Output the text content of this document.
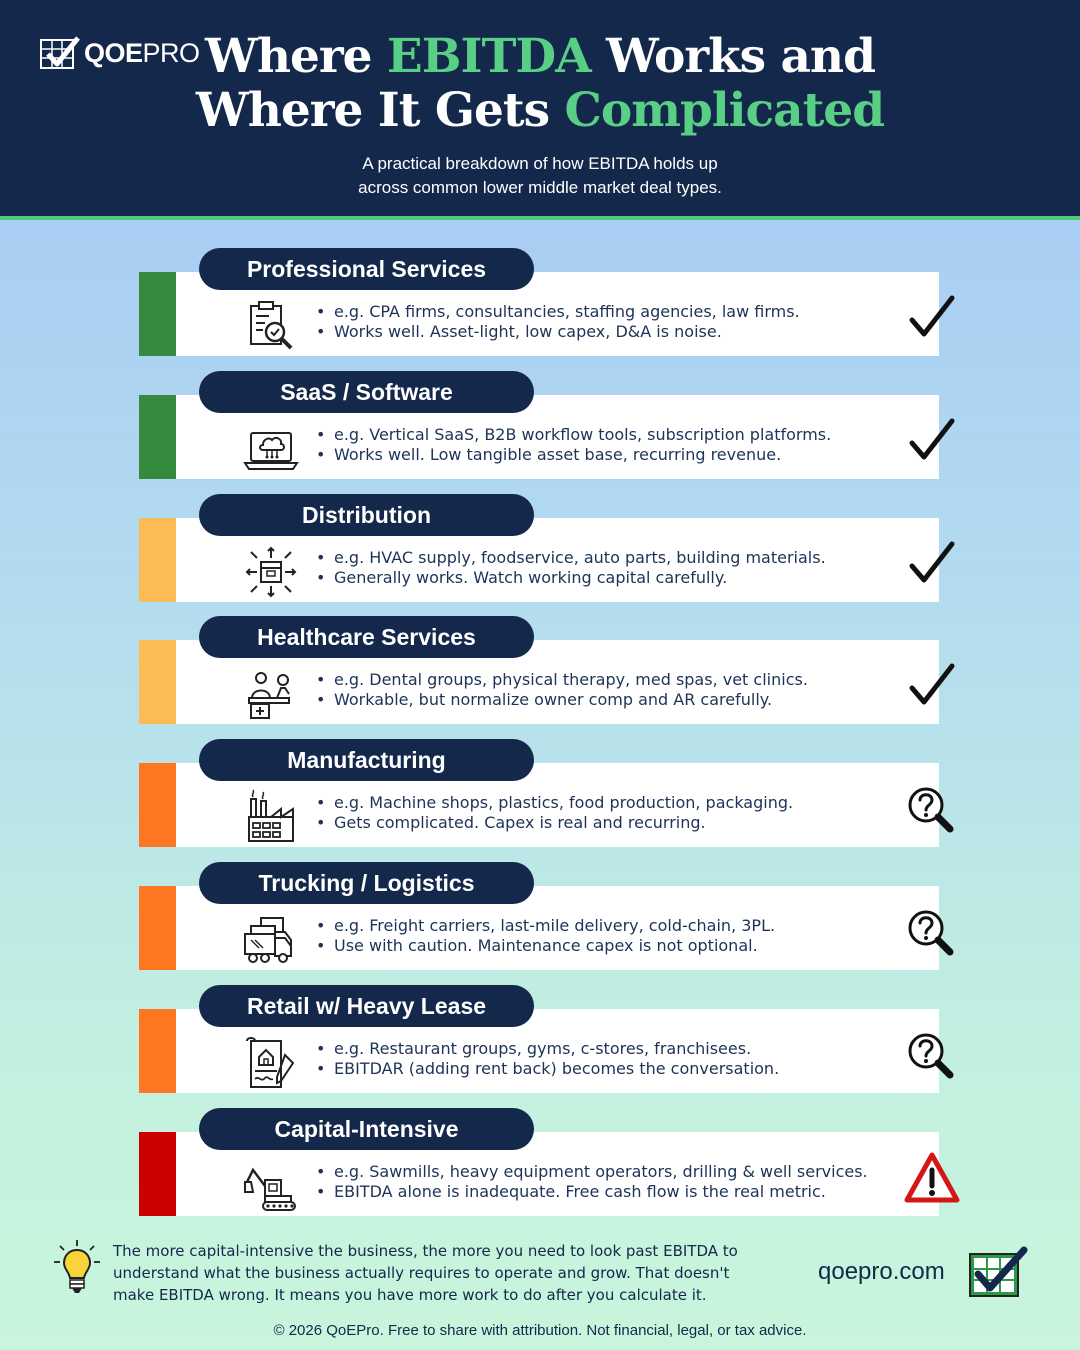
QOEPRO Where EBITDA Works and
Where It Gets Complicated
A practical breakdown of how EBITDA holds up
across common lower middle market deal types.
• e.g. CPA firms, consultancies, staffing agencies, law firms.
• Works well. Asset-light, low capex, D&A is noise.
Professional Services
• e.g. Vertical SaaS, B2B workflow tools, subscription platforms.
• Works well. Low tangible asset base, recurring revenue.
SaaS / Software
• e.g. HVAC supply, foodservice, auto parts, building materials.
• Generally works. Watch working capital carefully.
Distribution
• e.g. Dental groups, physical therapy, med spas, vet clinics.
• Workable, but normalize owner comp and AR carefully.
Healthcare Services
• e.g. Machine shops, plastics, food production, packaging.
• Gets complicated. Capex is real and recurring.
Manufacturing
• e.g. Freight carriers, last-mile delivery, cold-chain, 3PL.
• Use with caution. Maintenance capex is not optional.
Trucking / Logistics
• e.g. Restaurant groups, gyms, c-stores, franchisees.
• EBITDAR (adding rent back) becomes the conversation.
Retail w/ Heavy Lease
• e.g. Sawmills, heavy equipment operators, drilling & well services.
• EBITDA alone is inadequate. Free cash flow is the real metric.
Capital-Intensive
The more capital-intensive the business, the more you need to look past EBITDA to
understand what the business actually requires to operate and grow. That doesn't
make EBITDA wrong. It means you have more work to do after you calculate it.
qoepro.com
© 2026 QoEPro. Free to share with attribution. Not financial, legal, or tax advice.
